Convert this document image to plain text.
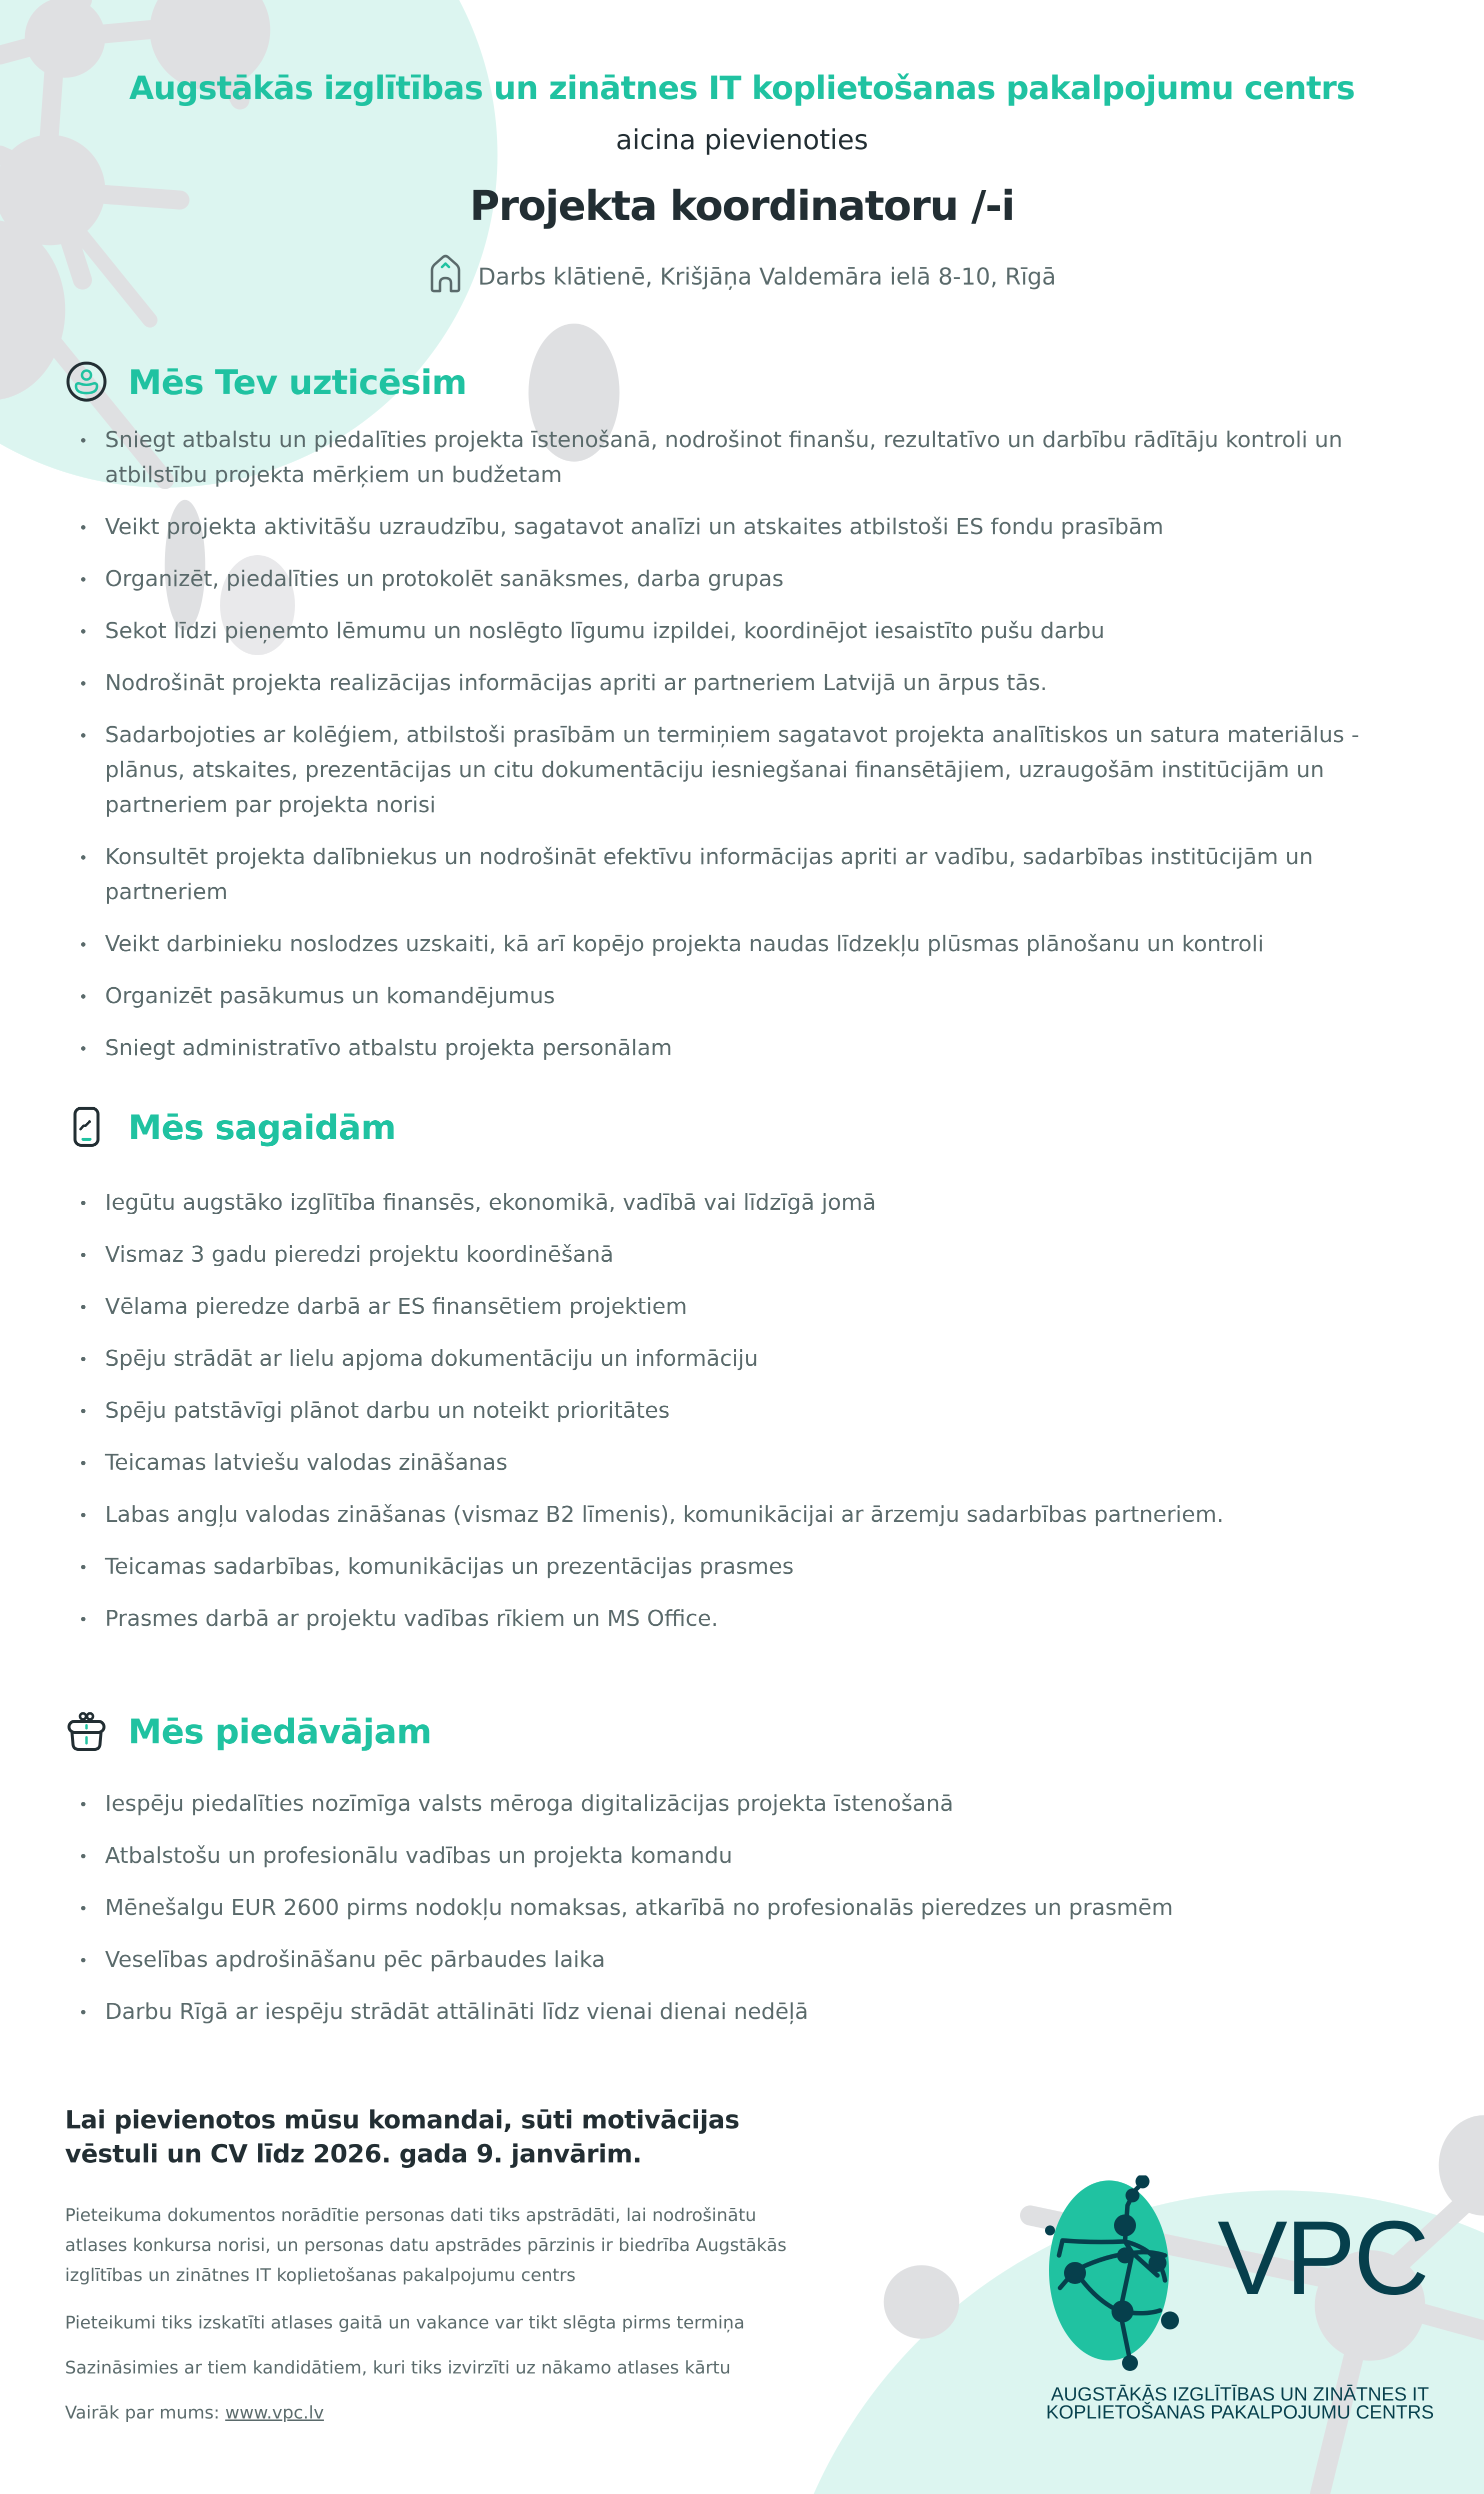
Augstākās izglītības un zinātnes IT koplietošanas pakalpojumu centrs

aicina pievienoties

Projekta koordinatoru /-i
Darbs klātienē, Krišjāņa Valdemāra ielā 8-10, Rīgā
Mēs Tev uzticēsim
Sniegt atbalstu un piedalīties projekta īstenošanā, nodrošinot finanšu, rezultatīvo un darbību rādītāju kontroli un atbilstību projekta mērķiem un budžetam
Veikt projekta aktivitāšu uzraudzību, sagatavot analīzi un atskaites atbilstoši ES fondu prasībām
Organizēt, piedalīties un protokolēt sanāksmes, darba grupas
Sekot līdzi pieņemto lēmumu un noslēgto līgumu izpildei, koordinējot iesaistīto pušu darbu
Nodrošināt projekta realizācijas informācijas apriti ar partneriem Latvijā un ārpus tās.
Sadarbojoties ar kolēģiem, atbilstoši prasībām un termiņiem sagatavot projekta analītiskos un satura materiālus - plānus, atskaites, prezentācijas un citu dokumentāciju iesniegšanai finansētājiem, uzraugošām institūcijām un partneriem par projekta norisi
Konsultēt projekta dalībniekus un nodrošināt efektīvu informācijas apriti ar vadību, sadarbības institūcijām un partneriem
Veikt darbinieku noslodzes uzskaiti, kā arī kopējo projekta naudas līdzekļu plūsmas plānošanu un kontroli
Organizēt pasākumus un komandējumus
Sniegt administratīvo atbalstu projekta personālam
Mēs sagaidām
Iegūtu augstāko izglītība finansēs, ekonomikā, vadībā vai līdzīgā jomā
Vismaz 3 gadu pieredzi projektu koordinēšanā
Vēlama pieredze darbā ar ES finansētiem projektiem
Spēju strādāt ar lielu apjoma dokumentāciju un informāciju
Spēju patstāvīgi plānot darbu un noteikt prioritātes
Teicamas latviešu valodas zināšanas
Labas angļu valodas zināšanas (vismaz B2 līmenis), komunikācijai ar ārzemju sadarbības partneriem.
Teicamas sadarbības, komunikācijas un prezentācijas prasmes
Prasmes darbā ar projektu vadības rīkiem un MS Office.
Mēs piedāvājam
Iespēju piedalīties nozīmīga valsts mēroga digitalizācijas projekta īstenošanā
Atbalstošu un profesionālu vadības un projekta komandu
Mēnešalgu EUR 2600 pirms nodokļu nomaksas, atkarībā no profesionalās pieredzes un prasmēm
Veselības apdrošināšanu pēc pārbaudes laika
Darbu Rīgā ar iespēju strādāt attālināti līdz vienai dienai nedēļā

Lai pievienotos mūsu komandai, sūti motivācijas vēstuli un CV līdz 2026. gada 9. janvārim.

Pieteikuma dokumentos norādītie personas dati tiks apstrādāti, lai nodrošinātu atlases konkursa norisi, un personas datu apstrādes pārzinis ir biedrība Augstākās izglītības un zinātnes IT koplietošanas pakalpojumu centrs

Pieteikumi tiks izskatīti atlases gaitā un vakance var tikt slēgta pirms termiņa

Sazināsimies ar tiem kandidātiem, kuri tiks izvirzīti uz nākamo atlases kārtu

Vairāk par mums: www.vpc.lv

VPC
AUGSTĀKĀS IZGLĪTĪBAS UN ZINĀTNES IT
KOPLIETOŠANAS PAKALPOJUMU CENTRS
